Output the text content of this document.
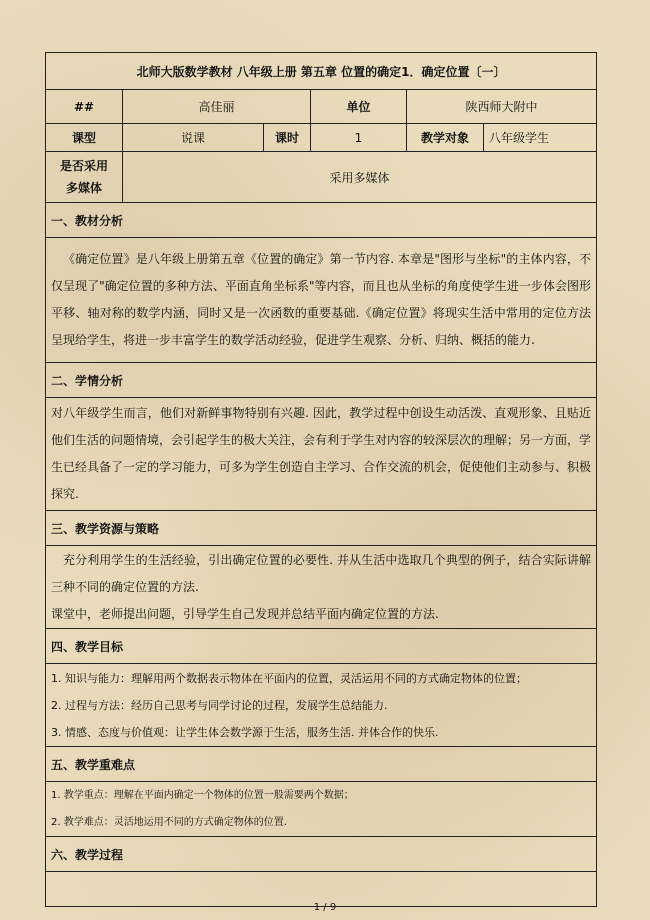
北师大版数学教材 八年级上册 第五章 位置的确定1．确定位置〔一〕					
##	高佳丽		单位	陕西师大附中	
课型	说课	课时	1	教学对象	八年级学生

是否采用
多媒体	采用多媒体				
一、教材分析					

《确定位置》是八年级上册第五章《位置的确定》第一节内容. 本章是"图形与坐标"的主体内容，不仅呈现了"确定位置的多种方法、平面直角坐标系"等内容，而且也从坐标的角度使学生进一步体会图形平移、轴对称的数学内涵，同时又是一次函数的重要基础.《确定位置》将现实生活中常用的定位方法呈现给学生，将进一步丰富学生的数学活动经验，促进学生观察、分析、归纳、概括的能力.					

二、学情分析					

对八年级学生而言，他们对新鲜事物特别有兴趣. 因此，教学过程中创设生动活泼、直观形象、且贴近他们生活的问题情境，会引起学生的极大关注，会有利于学生对内容的较深层次的理解；另一方面，学生已经具备了一定的学习能力，可多为学生创造自主学习、合作交流的机会，促使他们主动参与、积极探究.					

三、教学资源与策略					

充分利用学生的生活经验，引出确定位置的必要性. 并从生活中选取几个典型的例子，结合实际讲解三种不同的确定位置的方法.

课堂中，老师提出问题，引导学生自己发现并总结平面内确定位置的方法.					

四、教学目标					

1. 知识与能力：理解用两个数据表示物体在平面内的位置，灵活运用不同的方式确定物体的位置；

2. 过程与方法：经历自己思考与同学讨论的过程，发展学生总结能力.

3. 情感、态度与价值观：让学生体会数学源于生活，服务生活. 并体合作的快乐.					

五、教学重难点					

1. 教学重点：理解在平面内确定一个物体的位置一般需要两个数据；

2. 教学难点：灵活地运用不同的方式确定物体的位置.					

六、教学过程					

1 / 9
